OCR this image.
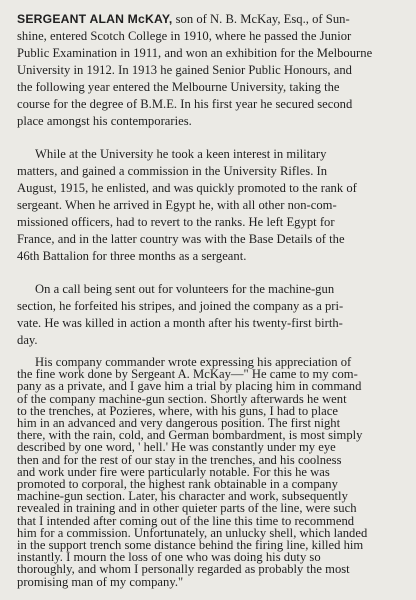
SERGEANT ALAN McKAY, son of N. B. McKay, Esq., of Sun-
shine, entered Scotch College in 1910, where he passed the Junior
Public Examination in 1911, and won an exhibition for the Melbourne
University in 1912. In 1913 he gained Senior Public Honours, and
the following year entered the Melbourne University, taking the
course for the degree of B.M.E. In his first year he secured second
place amongst his contemporaries.
While at the University he took a keen interest in military
matters, and gained a commission in the University Rifles. In
August, 1915, he enlisted, and was quickly promoted to the rank of
sergeant. When he arrived in Egypt he, with all other non-com-
missioned officers, had to revert to the ranks. He left Egypt for
France, and in the latter country was with the Base Details of the
46th Battalion for three months as a sergeant.
On a call being sent out for volunteers for the machine-gun
section, he forfeited his stripes, and joined the company as a pri-
vate. He was killed in action a month after his twenty-first birth-
day.
His company commander wrote expressing his appreciation of
the fine work done by Sergeant A. McKay—" He came to my com-
pany as a private, and I gave him a trial by placing him in command
of the company machine-gun section. Shortly afterwards he went
to the trenches, at Pozieres, where, with his guns, I had to place
him in an advanced and very dangerous position. The first night
there, with the rain, cold, and German bombardment, is most simply
described by one word, ' hell.' He was constantly under my eye
then and for the rest of our stay in the trenches, and his coolness
and work under fire were particularly notable. For this he was
promoted to corporal, the highest rank obtainable in a company
machine-gun section. Later, his character and work, subsequently
revealed in training and in other quieter parts of the line, were such
that I intended after coming out of the line this time to recommend
him for a commission. Unfortunately, an unlucky shell, which landed
in the support trench some distance behind the firing line, killed him
instantly. I mourn the loss of one who was doing his duty so
thoroughly, and whom I personally regarded as probably the most
promising man of my company."
